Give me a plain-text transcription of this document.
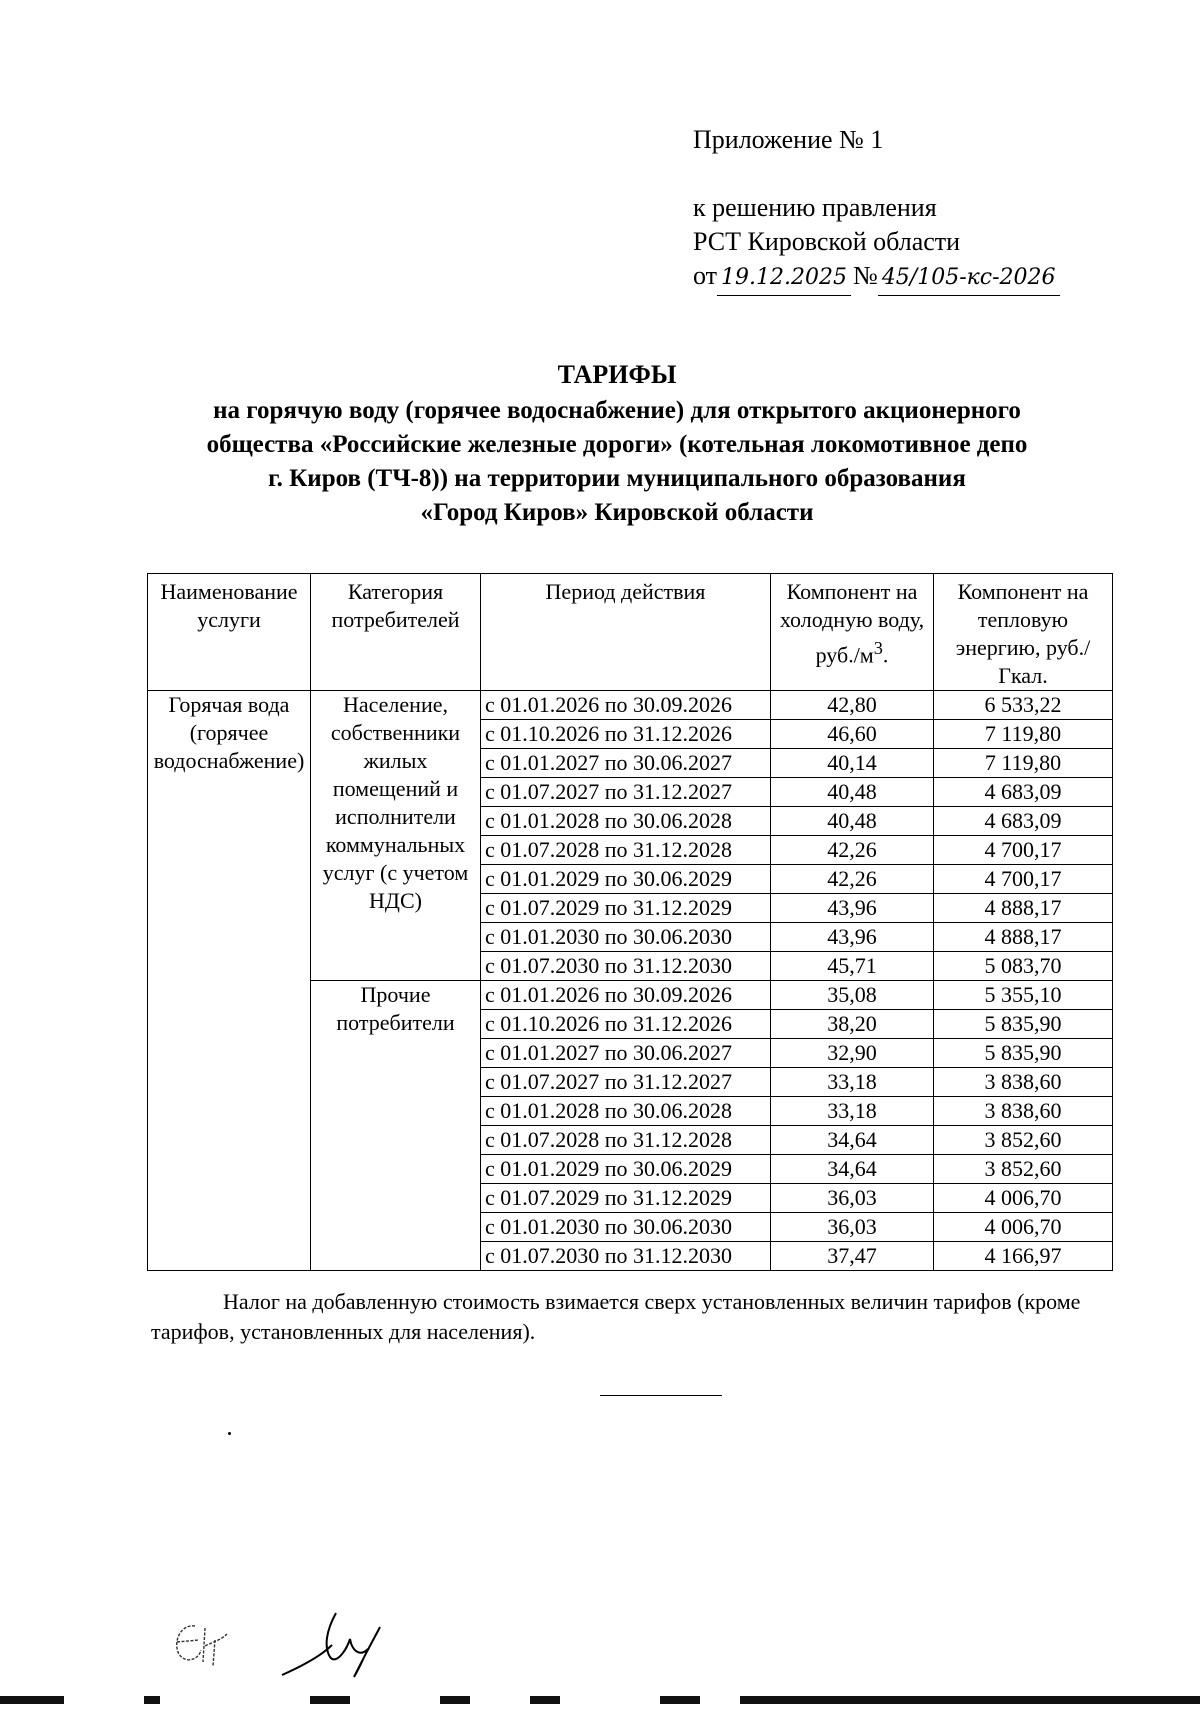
Приложение № 1
к решению правления
РСТ Кировской области
от 19.12.2025 № 45/105-кс-2026
ТАРИФЫ
на горячую воду (горячее водоснабжение) для открытого акционерного
общества «Российские железные дороги» (котельная локомотивное депо
г. Киров (ТЧ-8)) на территории муниципального образования
«Город Киров» Кировской области
Наименование услуги	Категория потребителей	Период действия	Компонент на холодную воду, $руб./м^3$.	Компонент на тепловую энергию, руб./Гкал.
Горячая вода (горячее водоснабжение)	Население, собственники жилых помещений и исполнители коммунальных услуг (с учетом НДС)	с 01.01.2026 по 30.09.2026	42,80	6 533,22
		с 01.10.2026 по 31.12.2026	46,60	7 119,80
		с 01.01.2027 по 30.06.2027	40,14	7 119,80
		с 01.07.2027 по 31.12.2027	40,48	4 683,09
		с 01.01.2028 по 30.06.2028	40,48	4 683,09
		с 01.07.2028 по 31.12.2028	42,26	4 700,17
		с 01.01.2029 по 30.06.2029	42,26	4 700,17
		с 01.07.2029 по 31.12.2029	43,96	4 888,17
		с 01.01.2030 по 30.06.2030	43,96	4 888,17
		с 01.07.2030 по 31.12.2030	45,71	5 083,70
	Прочие потребители	с 01.01.2026 по 30.09.2026	35,08	5 355,10
		с 01.10.2026 по 31.12.2026	38,20	5 835,90
		с 01.01.2027 по 30.06.2027	32,90	5 835,90
		с 01.07.2027 по 31.12.2027	33,18	3 838,60
		с 01.01.2028 по 30.06.2028	33,18	3 838,60
		с 01.07.2028 по 31.12.2028	34,64	3 852,60
		с 01.01.2029 по 30.06.2029	34,64	3 852,60
		с 01.07.2029 по 31.12.2029	36,03	4 006,70
		с 01.01.2030 по 30.06.2030	36,03	4 006,70
		с 01.07.2030 по 31.12.2030	37,47	4 166,97
Налог на добавленную стоимость взимается сверх установленных величин тарифов (кроме тарифов, установленных для населения).
